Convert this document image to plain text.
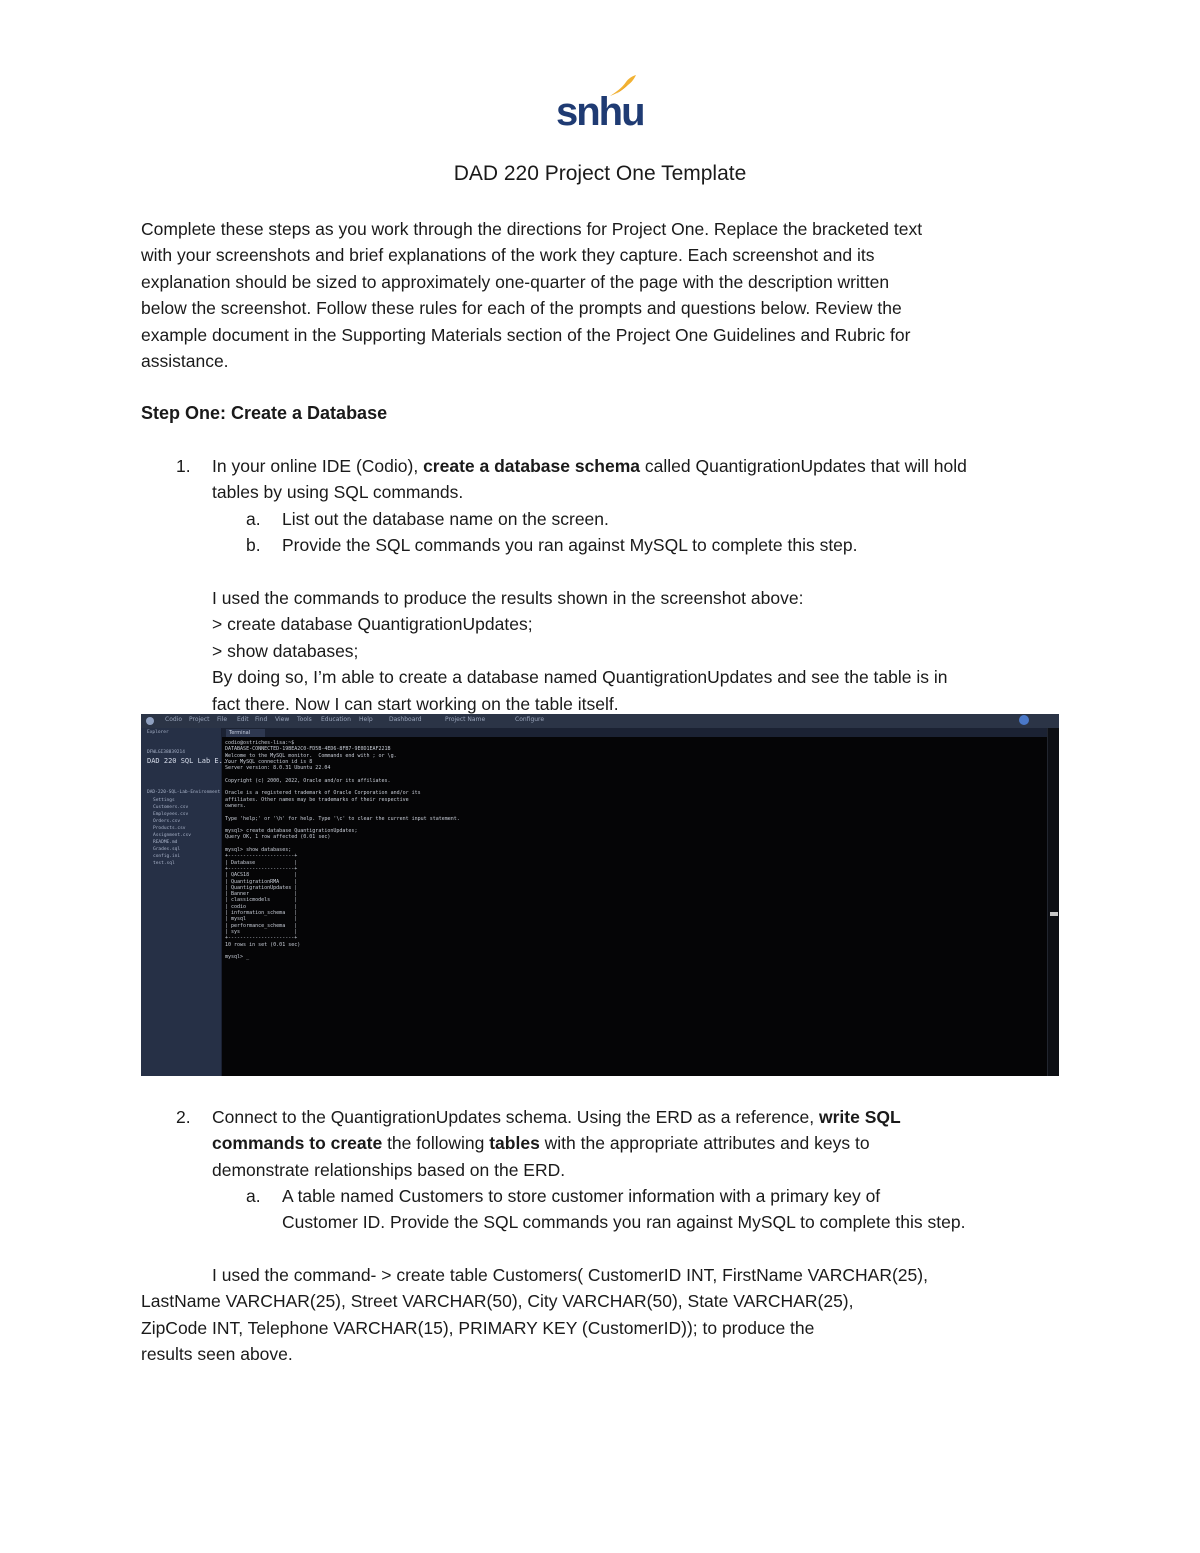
snhu
DAD 220 Project One Template
Complete these steps as you work through the directions for Project One. Replace the bracketed text
with your screenshots and brief explanations of the work they capture. Each screenshot and its
explanation should be sized to approximately one-quarter of the page with the description written
below the screenshot. Follow these rules for each of the prompts and questions below. Review the
example document in the Supporting Materials section of the Project One Guidelines and Rubric for
assistance.
Step One: Create a Database
1. In your online IDE (Codio), create a database schema called QuantigrationUpdates that will hold
tables by using SQL commands.
a. List out the database name on the screen.
b. Provide the SQL commands you ran against MySQL to complete this step.
I used the commands to produce the results shown in the screenshot above:
> create database QuantigrationUpdates;
> show databases;
By doing so, I’m able to create a database named QuantigrationUpdates and see the table is in
fact there. Now I can start working on the table itself.
Codio Project File Edit Find View Tools Education Help	Dashboard	Project Name	Configure
Explorer
DFWLGI38839214
DAD 220 SQL Lab E...
DAD-220-SQL-Lab-Environment
Settings
Customers.csv
Employees.csv
Orders.csv
Products.csv
Assignment.csv
README.md
Grades.sql
config.ini
test.sql
Terminal
codio@ostriches-lisa:~$
DATABASE-CONNECTED-19BEA2C0-FD5B-4ED6-8FB7-9E0D1EAF221B
Welcome to the MySQL monitor.  Commands end with ; or \g.
Your MySQL connection id is 8
Server version: 8.0.31 Ubuntu 22.04

Copyright (c) 2000, 2022, Oracle and/or its affiliates.

Oracle is a registered trademark of Oracle Corporation and/or its
affiliates. Other names may be trademarks of their respective
owners.

Type 'help;' or '\h' for help. Type '\c' to clear the current input statement.

mysql> create database QuantigrationUpdates;
Query OK, 1 row affected (0.01 sec)

mysql> show databases;
+----------------------+
| Database             |
+----------------------+
| QACS18               |
| QuantigrationRMA     |
| QuantigrationUpdates |
| Banner               |
| classicmodels        |
| codio                |
| information_schema   |
| mysql                |
| performance_schema   |
| sys                  |
+----------------------+
10 rows in set (0.01 sec)

mysql> _
2. Connect to the QuantigrationUpdates schema. Using the ERD as a reference, write SQL
commands to create the following tables with the appropriate attributes and keys to
demonstrate relationships based on the ERD.
a. A table named Customers to store customer information with a primary key of
Customer ID. Provide the SQL commands you ran against MySQL to complete this step.
I used the command- > create table Customers( CustomerID INT, FirstName VARCHAR(25),
LastName VARCHAR(25), Street VARCHAR(50), City VARCHAR(50), State VARCHAR(25),
ZipCode INT, Telephone VARCHAR(15), PRIMARY KEY (CustomerID)); to produce the
results seen above.
